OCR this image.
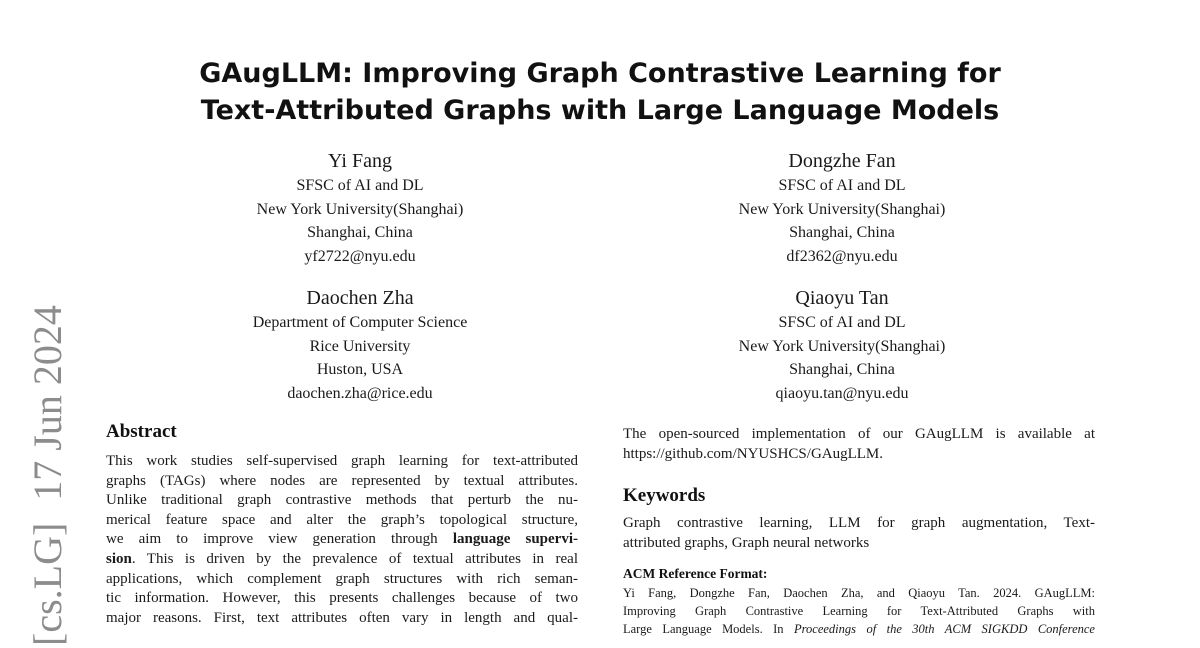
GAugLLM: Improving Graph Contrastive Learning for
Text-Attributed Graphs with Large Language Models
Yi Fang
SFSC of AI and DL
New York University(Shanghai)
Shanghai, China
yf2722@nyu.edu
Dongzhe Fan
SFSC of AI and DL
New York University(Shanghai)
Shanghai, China
df2362@nyu.edu
Daochen Zha
Department of Computer Science
Rice University
Huston, USA
daochen.zha@rice.edu
Qiaoyu Tan
SFSC of AI and DL
New York University(Shanghai)
Shanghai, China
qiaoyu.tan@nyu.edu
[cs.LG]17 Jun 2024 Abstract
This work studies self-supervised graph learning for text-attributed
graphs (TAGs) where nodes are represented by textual attributes.
Unlike traditional graph contrastive methods that perturb the nu-
merical feature space and alter the graph’s topological structure,
we aim to improve view generation through language supervi-
sion. This is driven by the prevalence of textual attributes in real
applications, which complement graph structures with rich seman-
tic information. However, this presents challenges because of two
major reasons. First, text attributes often vary in length and qual-
The open-sourced implementation of our GAugLLM is available at
https://github.com/NYUSHCS/GAugLLM.
Keywords
Graph contrastive learning, LLM for graph augmentation, Text-
attributed graphs, Graph neural networks
ACM Reference Format:
Yi Fang, Dongzhe Fan, Daochen Zha, and Qiaoyu Tan. 2024. GAugLLM:
Improving Graph Contrastive Learning for Text-Attributed Graphs with
Large Language Models. In Proceedings of the 30th ACM SIGKDD Conference
